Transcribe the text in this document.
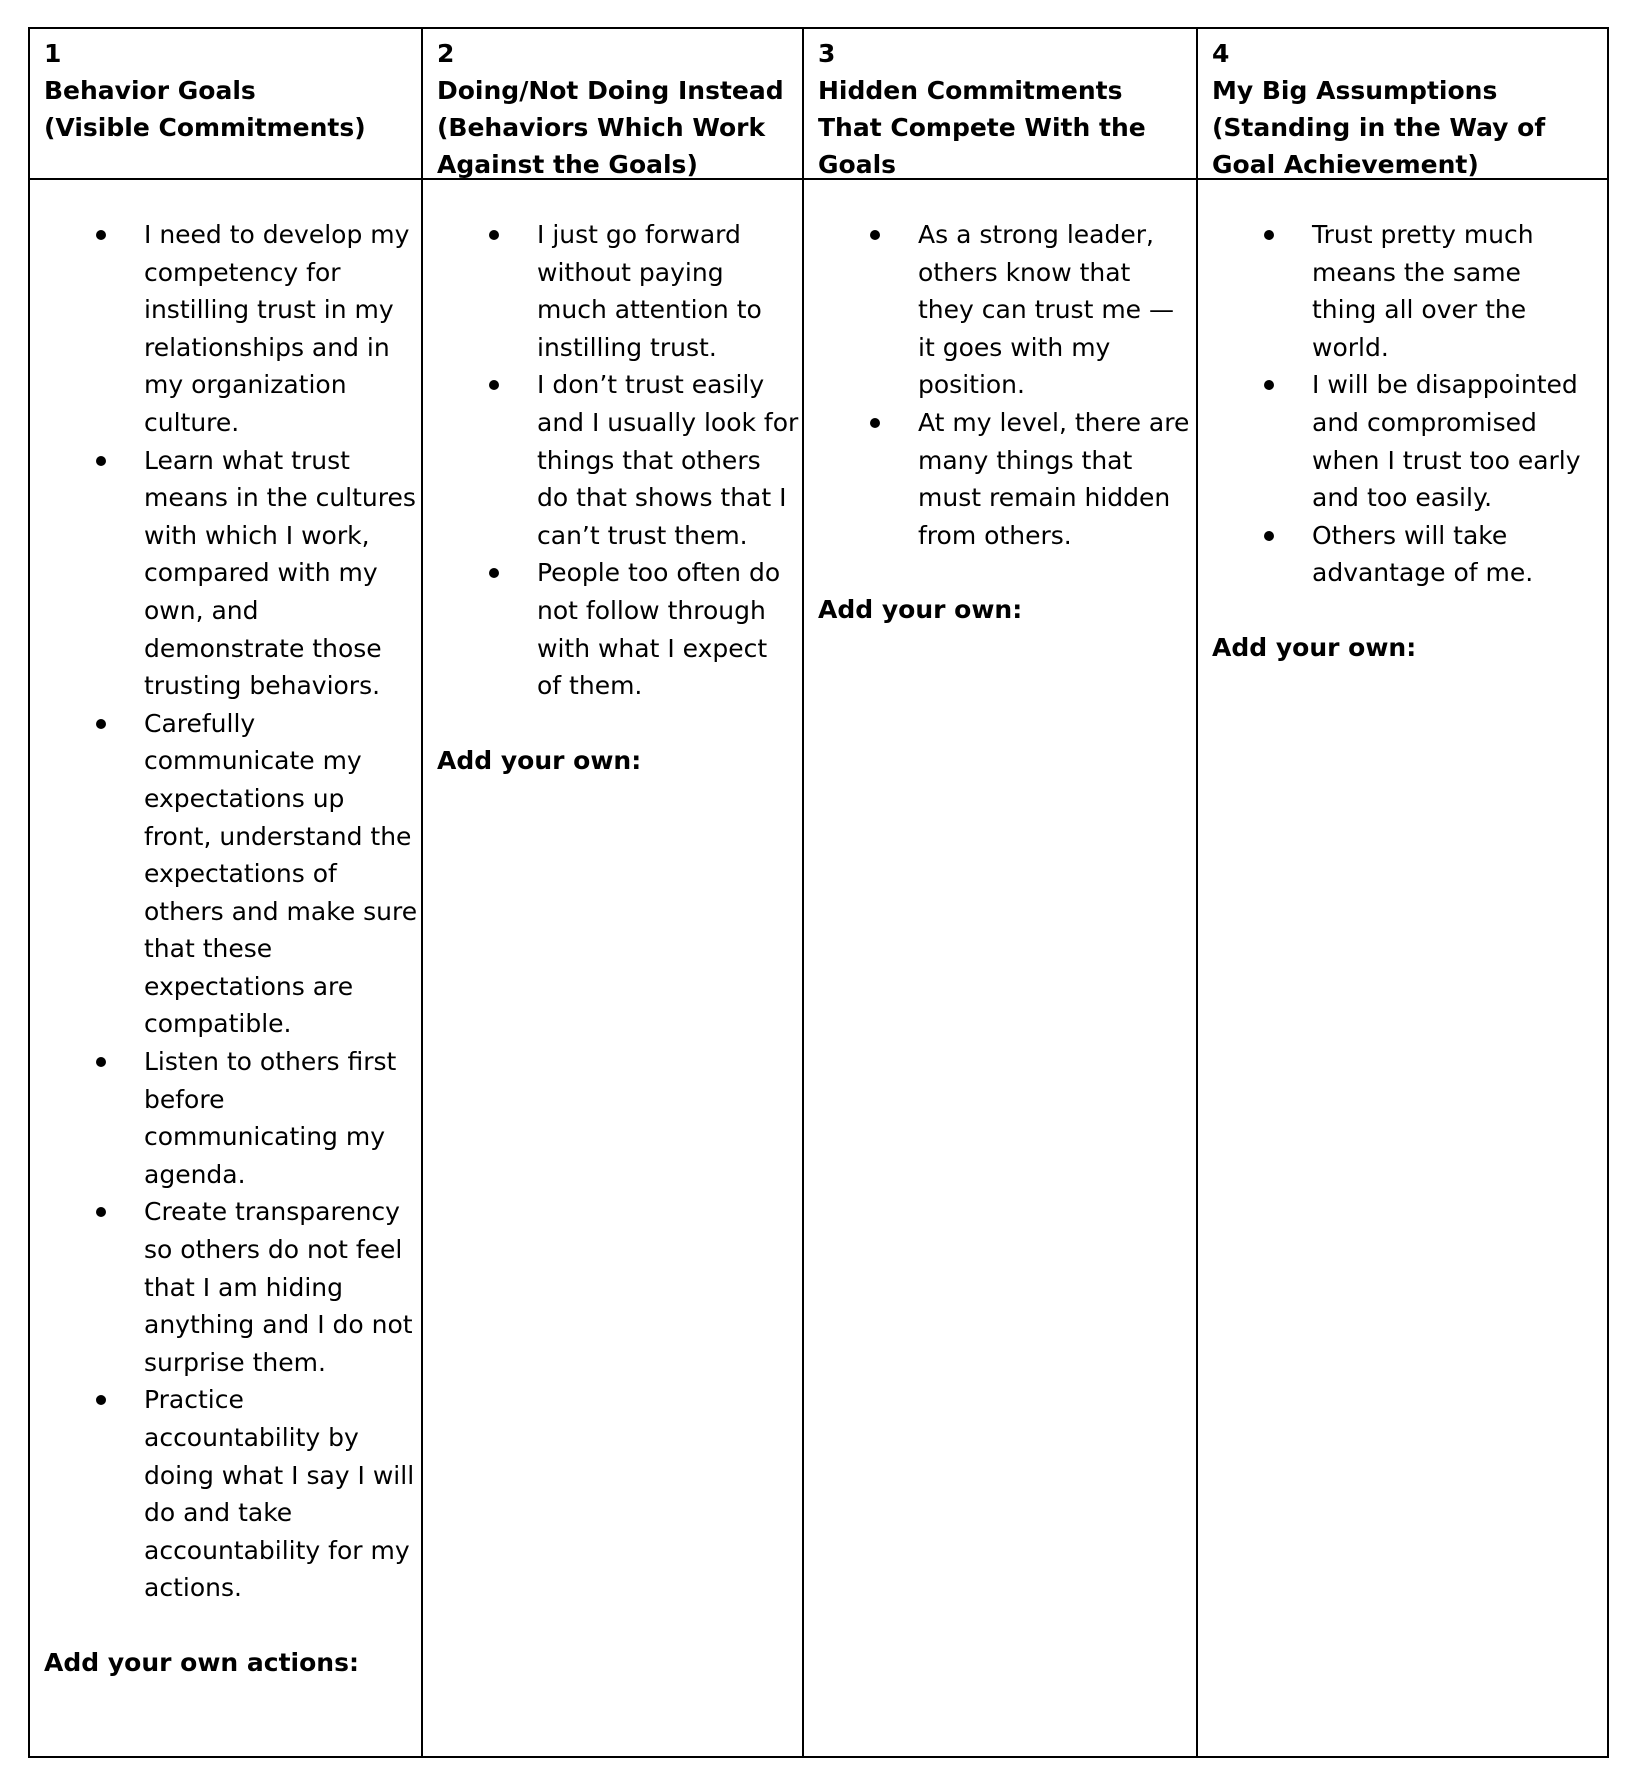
1
Behavior Goals
(Visible Commitments)
2
Doing/Not Doing Instead
(Behaviors Which Work Against the Goals)
3
Hidden Commitments That Compete With the Goals
4
My Big Assumptions
(Standing in the Way of Goal Achievement)
I need to develop my competency for instilling trust in my relationships and in my organization culture.
Learn what trust means in the cultures with which I work, compared with my own, and demonstrate those trusting behaviors.
Carefully communicate my expectations up front, understand the expectations of others and make sure that these expectations are compatible.
Listen to others first before communicating my agenda.
Create transparency so others do not feel that I am hiding anything and I do not surprise them.
Practice accountability by doing what I say I will do and take accountability for my actions.
Add your own actions:
I just go forward without paying much attention to instilling trust.
I don’t trust easily and I usually look for things that others do that shows that I can’t trust them.
People too often do not follow through with what I expect of them.
Add your own:
As a strong leader, others know that they can trust me — it goes with my position.
At my level, there are many things that must remain hidden from others.
Add your own:
Trust pretty much means the same thing all over the world.
I will be disappointed and compromised when I trust too early and too easily.
Others will take advantage of me.
Add your own:
